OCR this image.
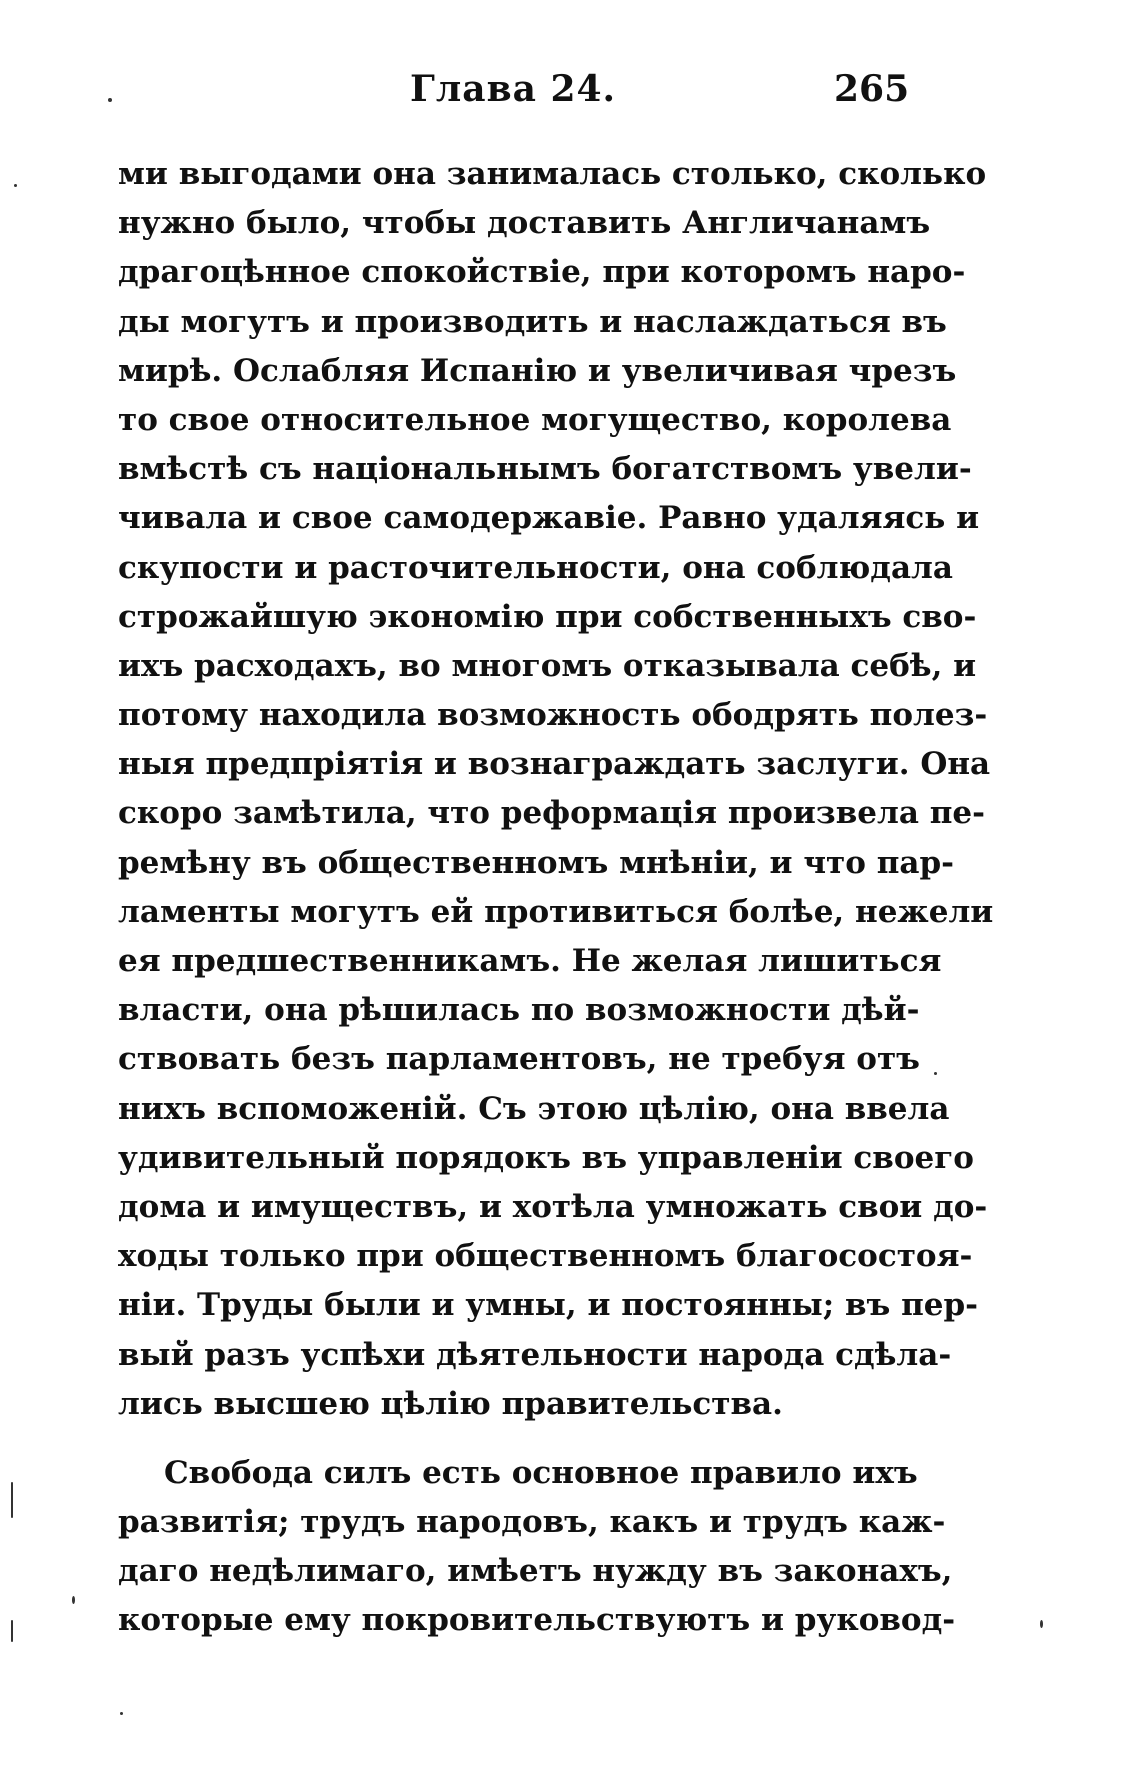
Глава 24.	265
ми выгодами она занималась столько, сколько
нужно было, чтобы доставить Англичанамъ
драгоцѣнное спокойствіе, при которомъ наро-
ды могутъ и производить и наслаждаться въ
мирѣ. Ослабляя Испанію и увеличивая чрезъ
то свое относительное могущество, королева
вмѣстѣ съ національнымъ богатствомъ увели-
чивала и свое самодержавіе. Равно удаляясь и
скупости и расточительности, она соблюдала
строжайшую экономію при собственныхъ сво-
ихъ расходахъ, во многомъ отказывала себѣ, и
потому находила возможность ободрять полез-
ныя предпріятія и вознаграждать заслуги. Она
скоро замѣтила, что реформація произвела пе-
ремѣну въ общественномъ мнѣніи, и что пар-
ламенты могутъ ей противиться болѣе, нежели
ея предшественникамъ. Не желая лишиться
власти, она рѣшилась по возможности дѣй-
ствовать безъ парламентовъ, не требуя отъ
нихъ вспоможеній. Съ этою цѣлію, она ввела
удивительный порядокъ въ управленіи своего
дома и имуществъ, и хотѣла умножать свои до-
ходы только при общественномъ благосостоя-
ніи. Труды были и умны, и постоянны; въ пер-
вый разъ успѣхи дѣятельности народа сдѣла-
лись высшею цѣлію правительства.
Свобода силъ есть основное правило ихъ
развитія; трудъ народовъ, какъ и трудъ каж-
даго недѣлимаго, имѣетъ нужду въ законахъ,
которые ему покровительствуютъ и руковод-
